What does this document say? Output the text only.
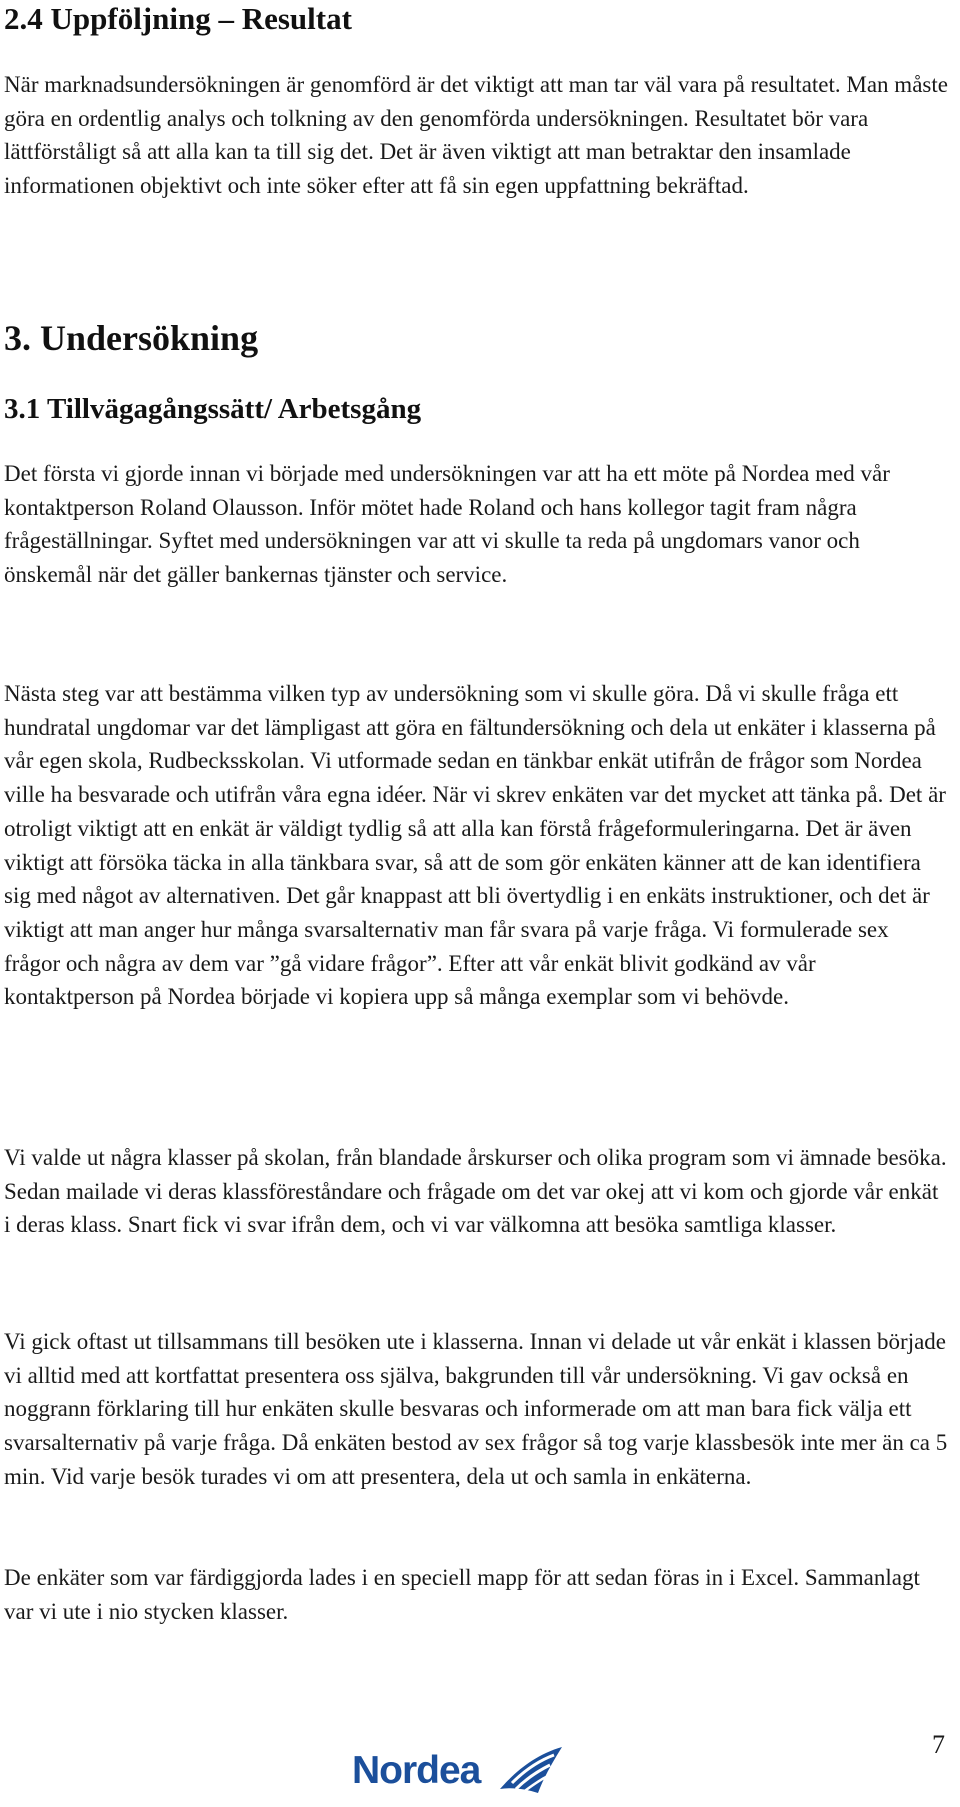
2.4 Uppföljning – Resultat

När marknadsundersökningen är genomförd är det viktigt att man tar väl vara på resultatet. Man måste göra en ordentlig analys och tolkning av den genomförda undersökningen. Resultatet bör vara lättförståligt så att alla kan ta till sig det. Det är även viktigt att man betraktar den insamlade informationen objektivt och inte söker efter att få sin egen uppfattning bekräftad.

3. Undersökning
3.1 Tillvägagångssätt/ Arbetsgång

Det första vi gjorde innan vi började med undersökningen var att ha ett möte på Nordea med vår kontaktperson Roland Olausson. Inför mötet hade Roland och hans kollegor tagit fram några frågeställningar. Syftet med undersökningen var att vi skulle ta reda på ungdomars vanor och önskemål när det gäller bankernas tjänster och service.

Nästa steg var att bestämma vilken typ av undersökning som vi skulle göra. Då vi skulle fråga ett hundratal ungdomar var det lämpligast att göra en fältundersökning och dela ut enkäter i klasserna på vår egen skola, Rudbecksskolan. Vi utformade sedan en tänkbar enkät utifrån de frågor som Nordea ville ha besvarade och utifrån våra egna idéer. När vi skrev enkäten var det mycket att tänka på. Det är otroligt viktigt att en enkät är väldigt tydlig så att alla kan förstå frågeformuleringarna. Det är även viktigt att försöka täcka in alla tänkbara svar, så att de som gör enkäten känner att de kan identifiera sig med något av alternativen. Det går knappast att bli övertydlig i en enkäts instruktioner, och det är viktigt att man anger hur många svarsalternativ man får svara på varje fråga. Vi formulerade sex frågor och några av dem var ”gå vidare frågor”. Efter att vår enkät blivit godkänd av vår kontaktperson på Nordea började vi kopiera upp så många exemplar som vi behövde.

Vi valde ut några klasser på skolan, från blandade årskurser och olika program som vi ämnade besöka. Sedan mailade vi deras klassföreståndare och frågade om det var okej att vi kom och gjorde vår enkät i deras klass. Snart fick vi svar ifrån dem, och vi var välkomna att besöka samtliga klasser.

Vi gick oftast ut tillsammans till besöken ute i klasserna. Innan vi delade ut vår enkät i klassen började vi alltid med att kortfattat presentera oss själva, bakgrunden till vår undersökning. Vi gav också en noggrann förklaring till hur enkäten skulle besvaras och informerade om att man bara fick välja ett svarsalternativ på varje fråga. Då enkäten bestod av sex frågor så tog varje klassbesök inte mer än ca 5 min. Vid varje besök turades vi om att presentera, dela ut och samla in enkäterna.

De enkäter som var färdiggjorda lades i en speciell mapp för att sedan föras in i Excel. Sammanlagt var vi ute i nio stycken klasser.

7
Nordea
